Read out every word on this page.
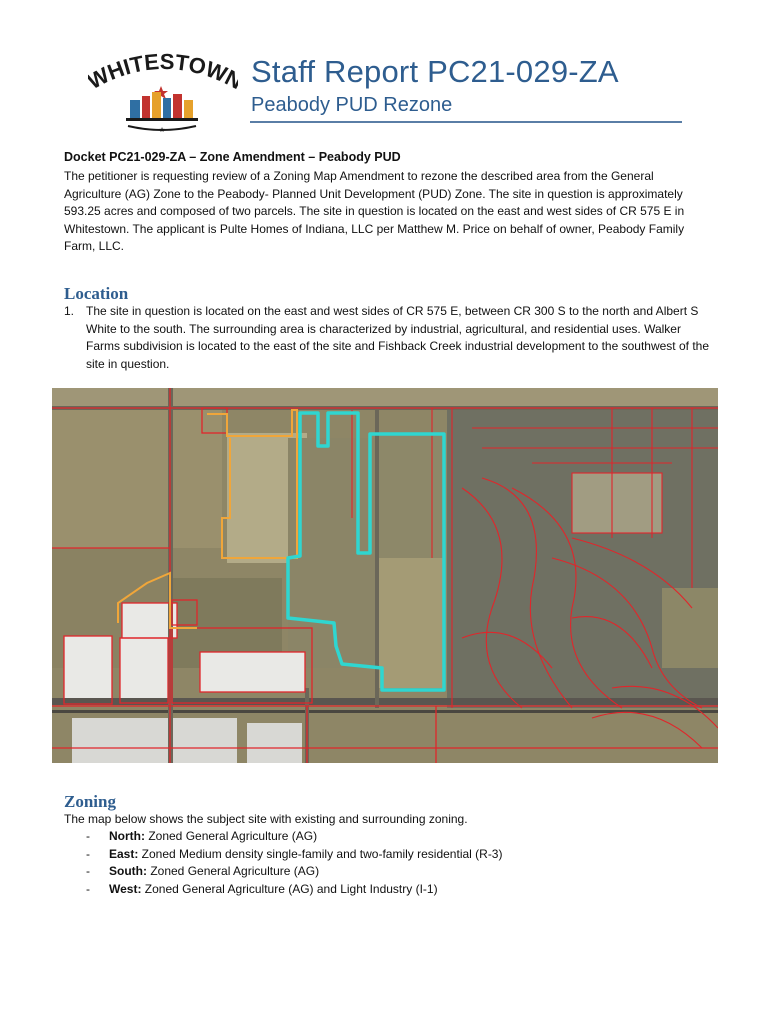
HITESTOW
★
Staff Report PC21-029-ZA
Peabody PUD Rezone
Docket PC21-029-ZA – Zone Amendment – Peabody PUD

The petitioner is requesting review of a Zoning Map Amendment to rezone the described area from the General Agriculture (AG) Zone to the Peabody- Planned Unit Development (PUD) Zone. The site in question is approximately 593.25 acres and composed of two parcels. The site in question is located on the east and west sides of CR 575 E in Whitestown. The applicant is Pulte Homes of Indiana, LLC per Matthew M. Price on behalf of owner, Peabody Family Farm, LLC.

Location
1. The site in question is located on the east and west sides of CR 575 E, between CR 300 S to the north and Albert S White to the south. The surrounding area is characterized by industrial, agricultural, and residential uses. Walker Farms subdivision is located to the east of the site and Fishback Creek industrial development to the southwest of the site in question.
Zoning
The map below shows the subject site with existing and surrounding zoning.
- North: Zoned General Agriculture (AG)
- East: Zoned Medium density single-family and two-family residential (R-3)
- South: Zoned General Agriculture (AG)
- West: Zoned General Agriculture (AG) and Light Industry (I-1)
